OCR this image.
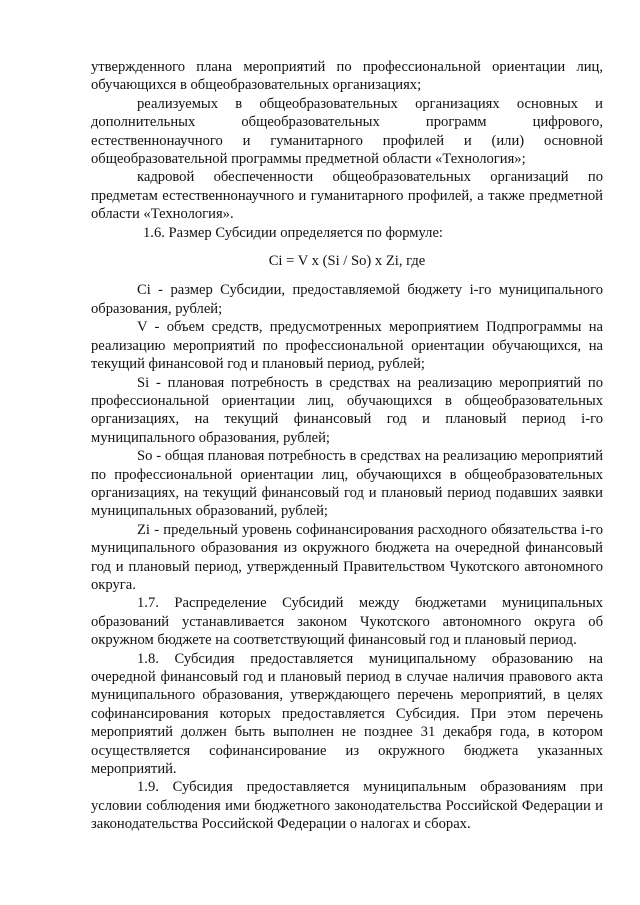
утвержденного плана мероприятий по профессиональной ориентации лиц, обучающихся в общеобразовательных организациях;

реализуемых в общеобразовательных организациях основных и дополнительных общеобразовательных программ цифрового, естественнонаучного и гуманитарного профилей и (или) основной общеобразовательной программы предметной области «Технология»;

кадровой обеспеченности общеобразовательных организаций по предметам естественнонаучного и гуманитарного профилей, а также предметной области «Технология».

1.6. Размер Субсидии определяется по формуле:

Ci = V x (Si / So) x Zi, где

Ci - размер Субсидии, предоставляемой бюджету i-го муниципального образования, рублей;

V - объем средств, предусмотренных мероприятием Подпрограммы на реализацию мероприятий по профессиональной ориентации обучающихся, на текущий финансовой год и плановый период, рублей;

Si - плановая потребность в средствах на реализацию мероприятий по профессиональной ориентации лиц, обучающихся в общеобразовательных организациях, на текущий финансовый год и плановый период i-го муниципального образования, рублей;

So - общая плановая потребность в средствах на реализацию мероприятий по профессиональной ориентации лиц, обучающихся в общеобразовательных организациях, на текущий финансовый год и плановый период подавших заявки муниципальных образований, рублей;

Zi - предельный уровень софинансирования расходного обязательства i-го муниципального образования из окружного бюджета на очередной финансовый год и плановый период, утвержденный Правительством Чукотского автономного округа.

1.7. Распределение Субсидий между бюджетами муниципальных образований устанавливается законом Чукотского автономного округа об окружном бюджете на соответствующий финансовый год и плановый период.

1.8. Субсидия предоставляется муниципальному образованию на очередной финансовый год и плановый период в случае наличия правового акта муниципального образования, утверждающего перечень мероприятий, в целях софинансирования которых предоставляется Субсидия. При этом перечень мероприятий должен быть выполнен не позднее 31 декабря года, в котором осуществляется софинансирование из окружного бюджета указанных мероприятий.

1.9. Субсидия предоставляется муниципальным образованиям при условии соблюдения ими бюджетного законодательства Российской Федерации и законодательства Российской Федерации о налогах и сборах.
